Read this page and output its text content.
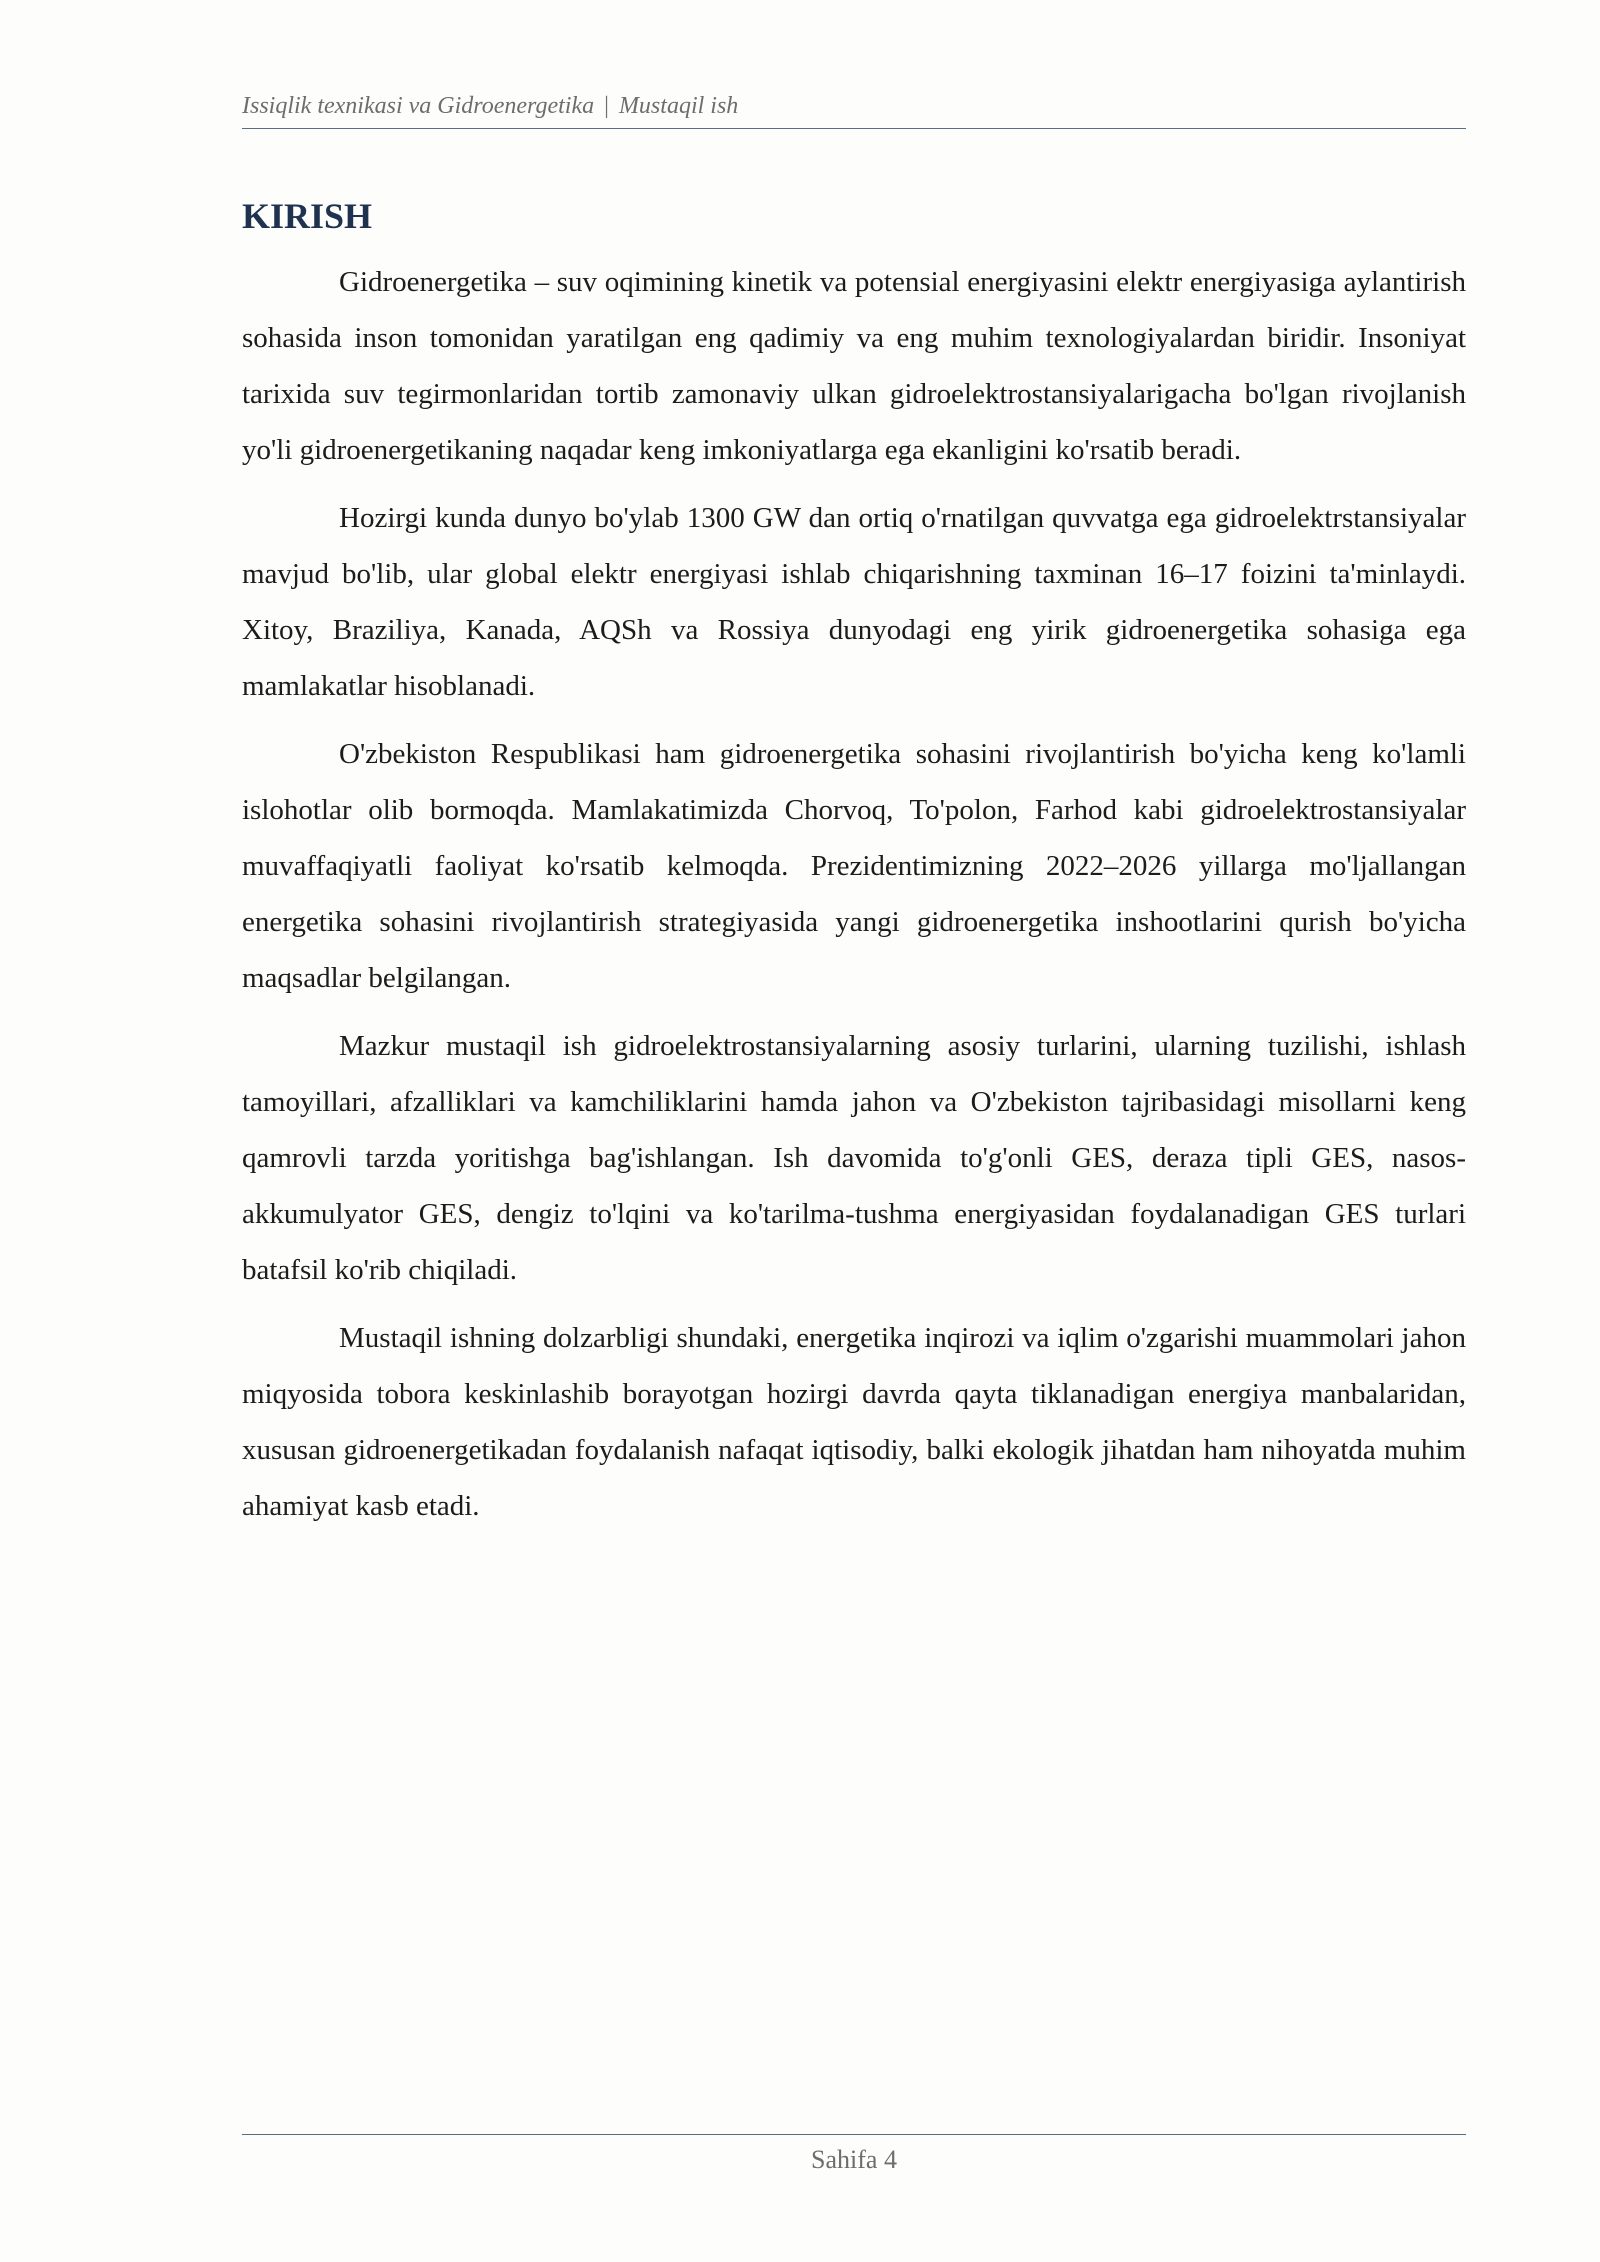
Issiqlik texnikasi va Gidroenergetika | Mustaqil ish
KIRISH

Gidroenergetika – suv oqimining kinetik va potensial energiyasini elektr energiyasiga aylantirish sohasida inson tomonidan yaratilgan eng qadimiy va eng muhim texnologiyalardan biridir. Insoniyat tarixida suv tegirmonlaridan tortib zamonaviy ulkan gidroelektrostansiyalarigacha bo'lgan rivojlanish yo'li gidroenergetikaning naqadar keng imkoniyatlarga ega ekanligini ko'rsatib beradi.

Hozirgi kunda dunyo bo'ylab 1300 GW dan ortiq o'rnatilgan quvvatga ega gidroelektrstansiyalar mavjud bo'lib, ular global elektr energiyasi ishlab chiqarishning taxminan 16–17 foizini ta'minlaydi. Xitoy, Braziliya, Kanada, AQSh va Rossiya dunyodagi eng yirik gidroenergetika sohasiga ega mamlakatlar hisoblanadi.

O'zbekiston Respublikasi ham gidroenergetika sohasini rivojlantirish bo'yicha keng ko'lamli islohotlar olib bormoqda. Mamlakatimizda Chorvoq, To'polon, Farhod kabi gidroelektrostansiyalar muvaffaqiyatli faoliyat ko'rsatib kelmoqda. Prezidentimizning 2022–2026 yillarga mo'ljallangan energetika sohasini rivojlantirish strategiyasida yangi gidroenergetika inshootlarini qurish bo'yicha maqsadlar belgilangan.

Mazkur mustaqil ish gidroelektrostansiyalarning asosiy turlarini, ularning tuzilishi, ishlash tamoyillari, afzalliklari va kamchiliklarini hamda jahon va O'zbekiston tajribasidagi misollarni keng qamrovli tarzda yoritishga bag'ishlangan. Ish davomida to'g'onli GES, deraza tipli GES, nasos-akkumulyator GES, dengiz to'lqini va ko'tarilma-tushma energiyasidan foydalanadigan GES turlari batafsil ko'rib chiqiladi.

Mustaqil ishning dolzarbligi shundaki, energetika inqirozi va iqlim o'zgarishi muammolari jahon miqyosida tobora keskinlashib borayotgan hozirgi davrda qayta tiklanadigan energiya manbalaridan, xususan gidroenergetikadan foydalanish nafaqat iqtisodiy, balki ekologik jihatdan ham nihoyatda muhim ahamiyat kasb etadi.

Sahifa 4
